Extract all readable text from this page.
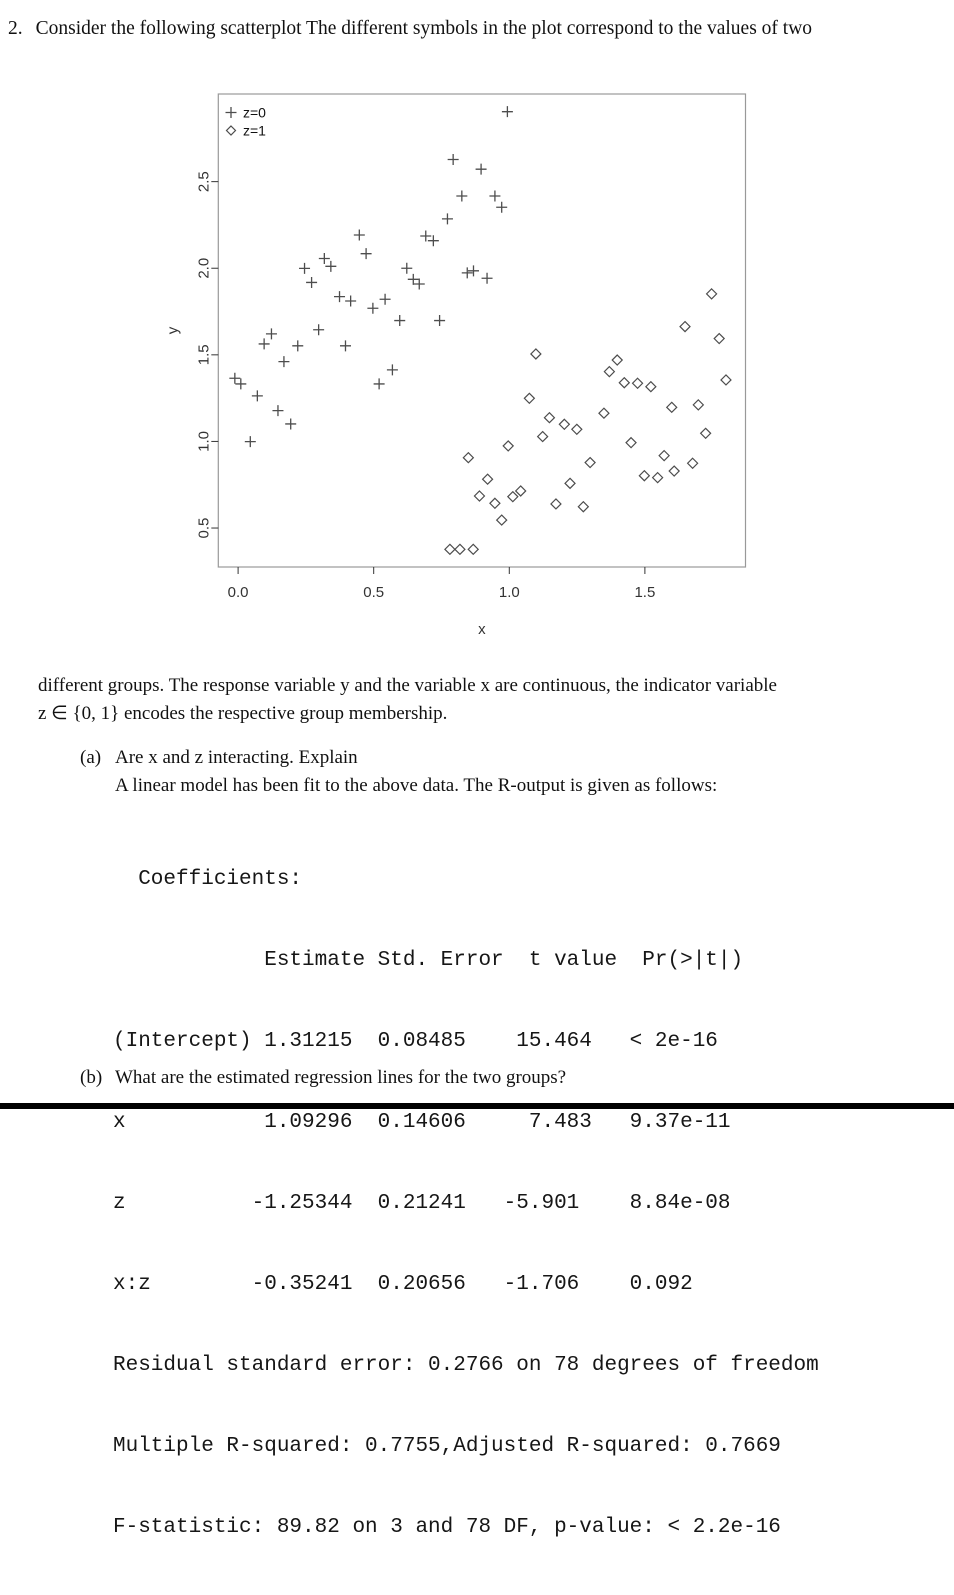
2. Consider the following scatterplot The different symbols in the plot correspond to the values of two
0.0	0.5	1.0	1.5
0.5
1.0
1.5
2.0
2.5
x
y
z=0
z=1
different groups. The response variable y and the variable x are continuous, the indicator variable
z ∈ {0, 1} encodes the respective group membership.
(a) Are x and z interacting. Explain
A linear model has been fit to the above data. The R-output is given as follows:

Coefficients:

Estimate Std. Error  t value  Pr(>|t|)

(Intercept) 1.31215  0.08485    15.464   < 2e-16

x           1.09296  0.14606     7.483   9.37e-11

z          -1.25344  0.21241   -5.901    8.84e-08

x:z        -0.35241  0.20656   -1.706    0.092

Residual standard error: 0.2766 on 78 degrees of freedom

Multiple R-squared: 0.7755,Adjusted R-squared: 0.7669

F-statistic: 89.82 on 3 and 78 DF, p-value: < 2.2e-16

(b) What are the estimated regression lines for the two groups?
